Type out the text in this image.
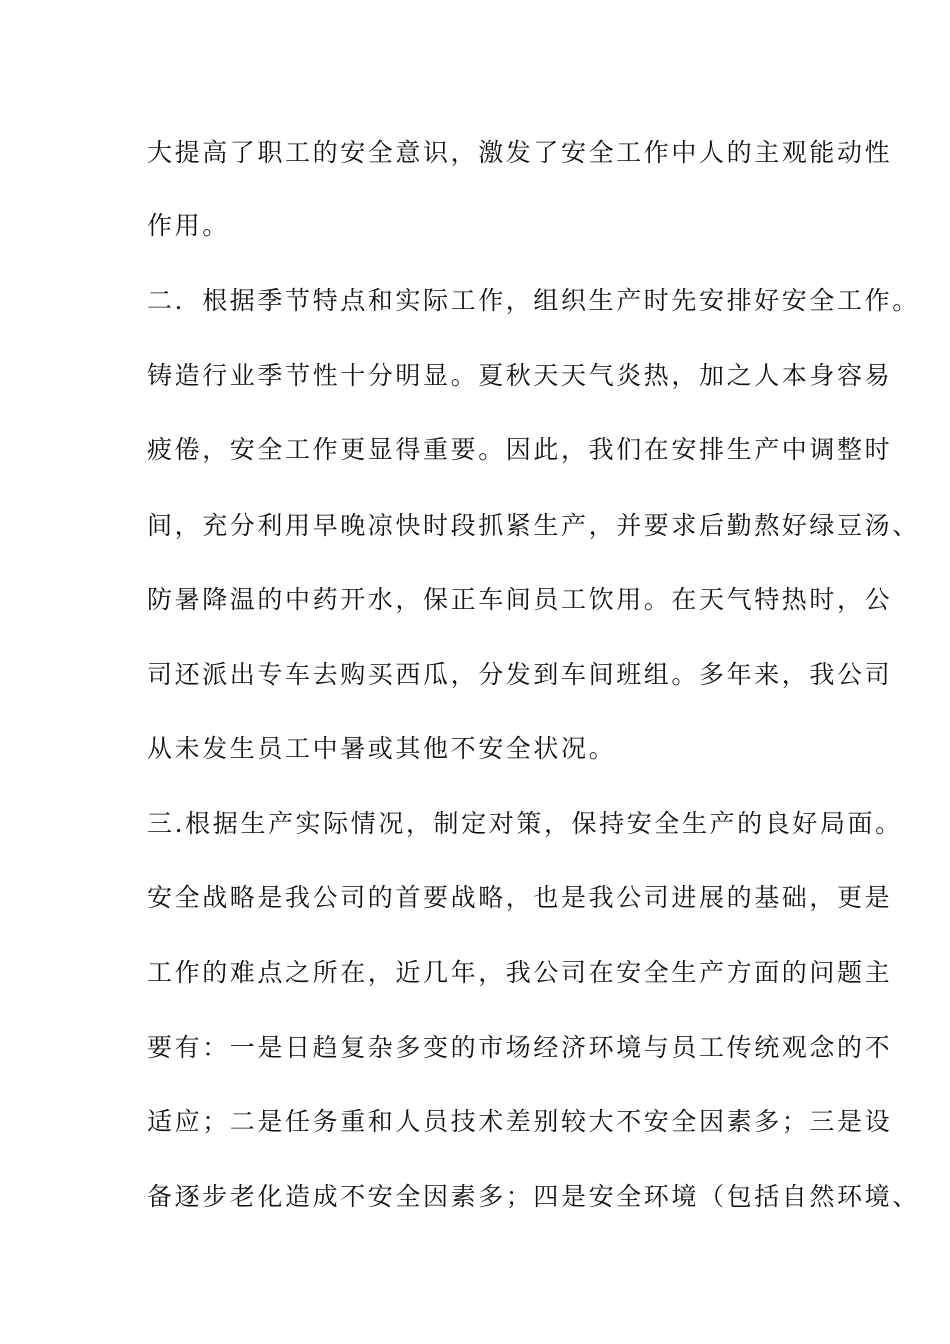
大提高了职工的安全意识，激发了安全工作中人的主观能动性
作用。
二．根据季节特点和实际工作，组织生产时先安排好安全工作。
铸造行业季节性十分明显。夏秋天天气炎热，加之人本身容易
疲倦，安全工作更显得重要。因此，我们在安排生产中调整时
间，充分利用早晚凉快时段抓紧生产，并要求后勤熬好绿豆汤、
防暑降温的中药开水，保正车间员工饮用。在天气特热时，公
司还派出专车去购买西瓜，分发到车间班组。多年来，我公司
从未发生员工中暑或其他不安全状况。
三.根据生产实际情况，制定对策，保持安全生产的良好局面。
安全战略是我公司的首要战略，也是我公司进展的基础，更是
工作的难点之所在，近几年，我公司在安全生产方面的问题主
要有：一是日趋复杂多变的市场经济环境与员工传统观念的不
适应；二是任务重和人员技术差别较大不安全因素多；三是设
备逐步老化造成不安全因素多；四是安全环境（包括自然环境、
